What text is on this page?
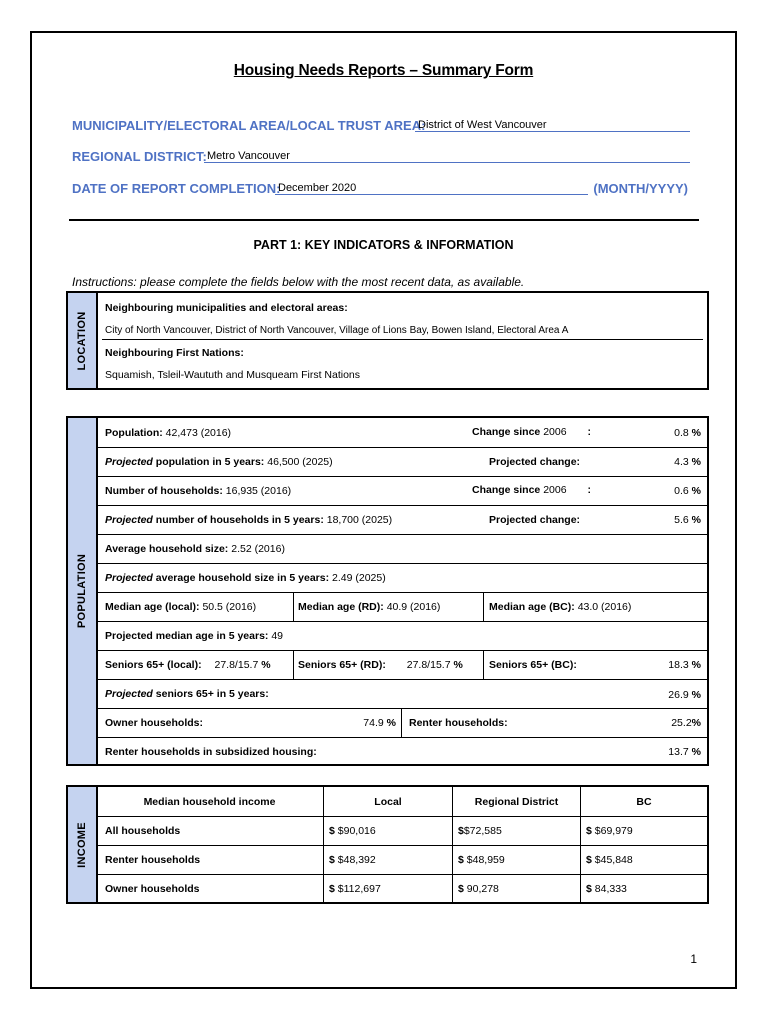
Housing Needs Reports – Summary Form
MUNICIPALITY/ELECTORAL AREA/LOCAL TRUST AREA:
District of West Vancouver
REGIONAL DISTRICT: Metro Vancouver
DATE OF REPORT COMPLETION:
December 2020	(MONTH/YYYY)
PART 1: KEY INDICATORS & INFORMATION
Instructions: please complete the fields below with the most recent data, as available.
LOCATION
Neighbouring municipalities and electoral areas:
City of North Vancouver, District of North Vancouver, Village of Lions Bay, Bowen Island, Electoral Area A
Neighbouring First Nations:
Squamish, Tsleil-Waututh and Musqueam First Nations
POPULATION
Population: 42,473 (2016)	Change since 2006 :	0.8 %
Projected population in 5 years: 46,500 (2025)	Projected change:	4.3 %
Number of households: 16,935 (2016)	Change since 2006 :	0.6 %
Projected number of households in 5 years: 18,700 (2025)	Projected change:	5.6 %
Average household size: 2.52 (2016)
Projected average household size in 5 years: 2.49 (2025)
Median age (local): 50.5 (2016)	Median age (RD): 40.9 (2016)	Median age (BC): 43.0 (2016)
Projected median age in 5 years: 49
Seniors 65+ (local): 27.8/15.7 %	Seniors 65+ (RD): 27.8/15.7 % Seniors 65+ (BC):	18.3 %
Projected seniors 65+ in 5 years:	26.9 %
Owner households:	74.9 % Renter households:	25.2%
Renter households in subsidized housing:	13.7 %
INCOME
Median household income	Local	Regional District	BC
All households	$ $90,016	$$72,585	$ $69,979
Renter households	$ $48,392	$ $48,959	$ $45,848
Owner households	$ $112,697	$ 90,278	$ 84,333
1
